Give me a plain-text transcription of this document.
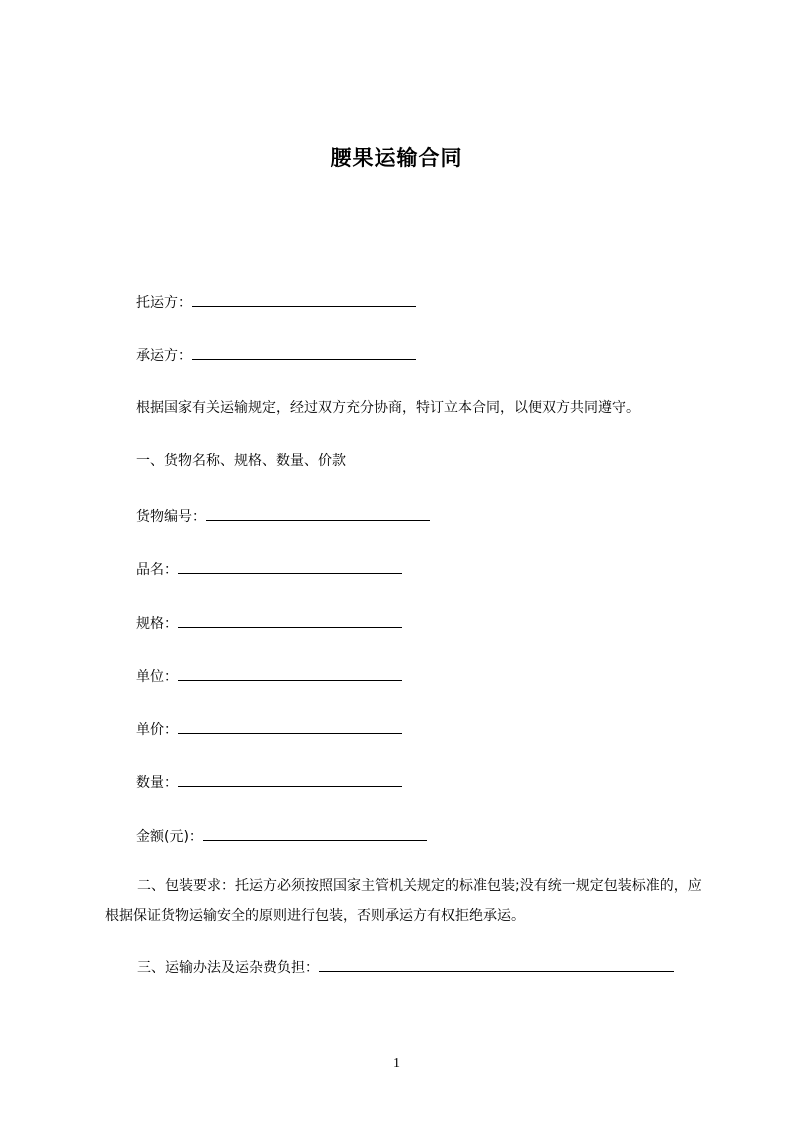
腰果运输合同
托运方：
承运方：
根据国家有关运输规定，经过双方充分协商，特订立本合同，以便双方共同遵守。
一、货物名称、规格、数量、价款
货物编号：
品名：
规格：
单位：
单价：
数量：
金额(元)：
二、包装要求：托运方必须按照国家主管机关规定的标准包装;没有统一规定包装标准的，应根据保证货物运输安全的原则进行包装，否则承运方有权拒绝承运。
三、运输办法及运杂费负担：
1
